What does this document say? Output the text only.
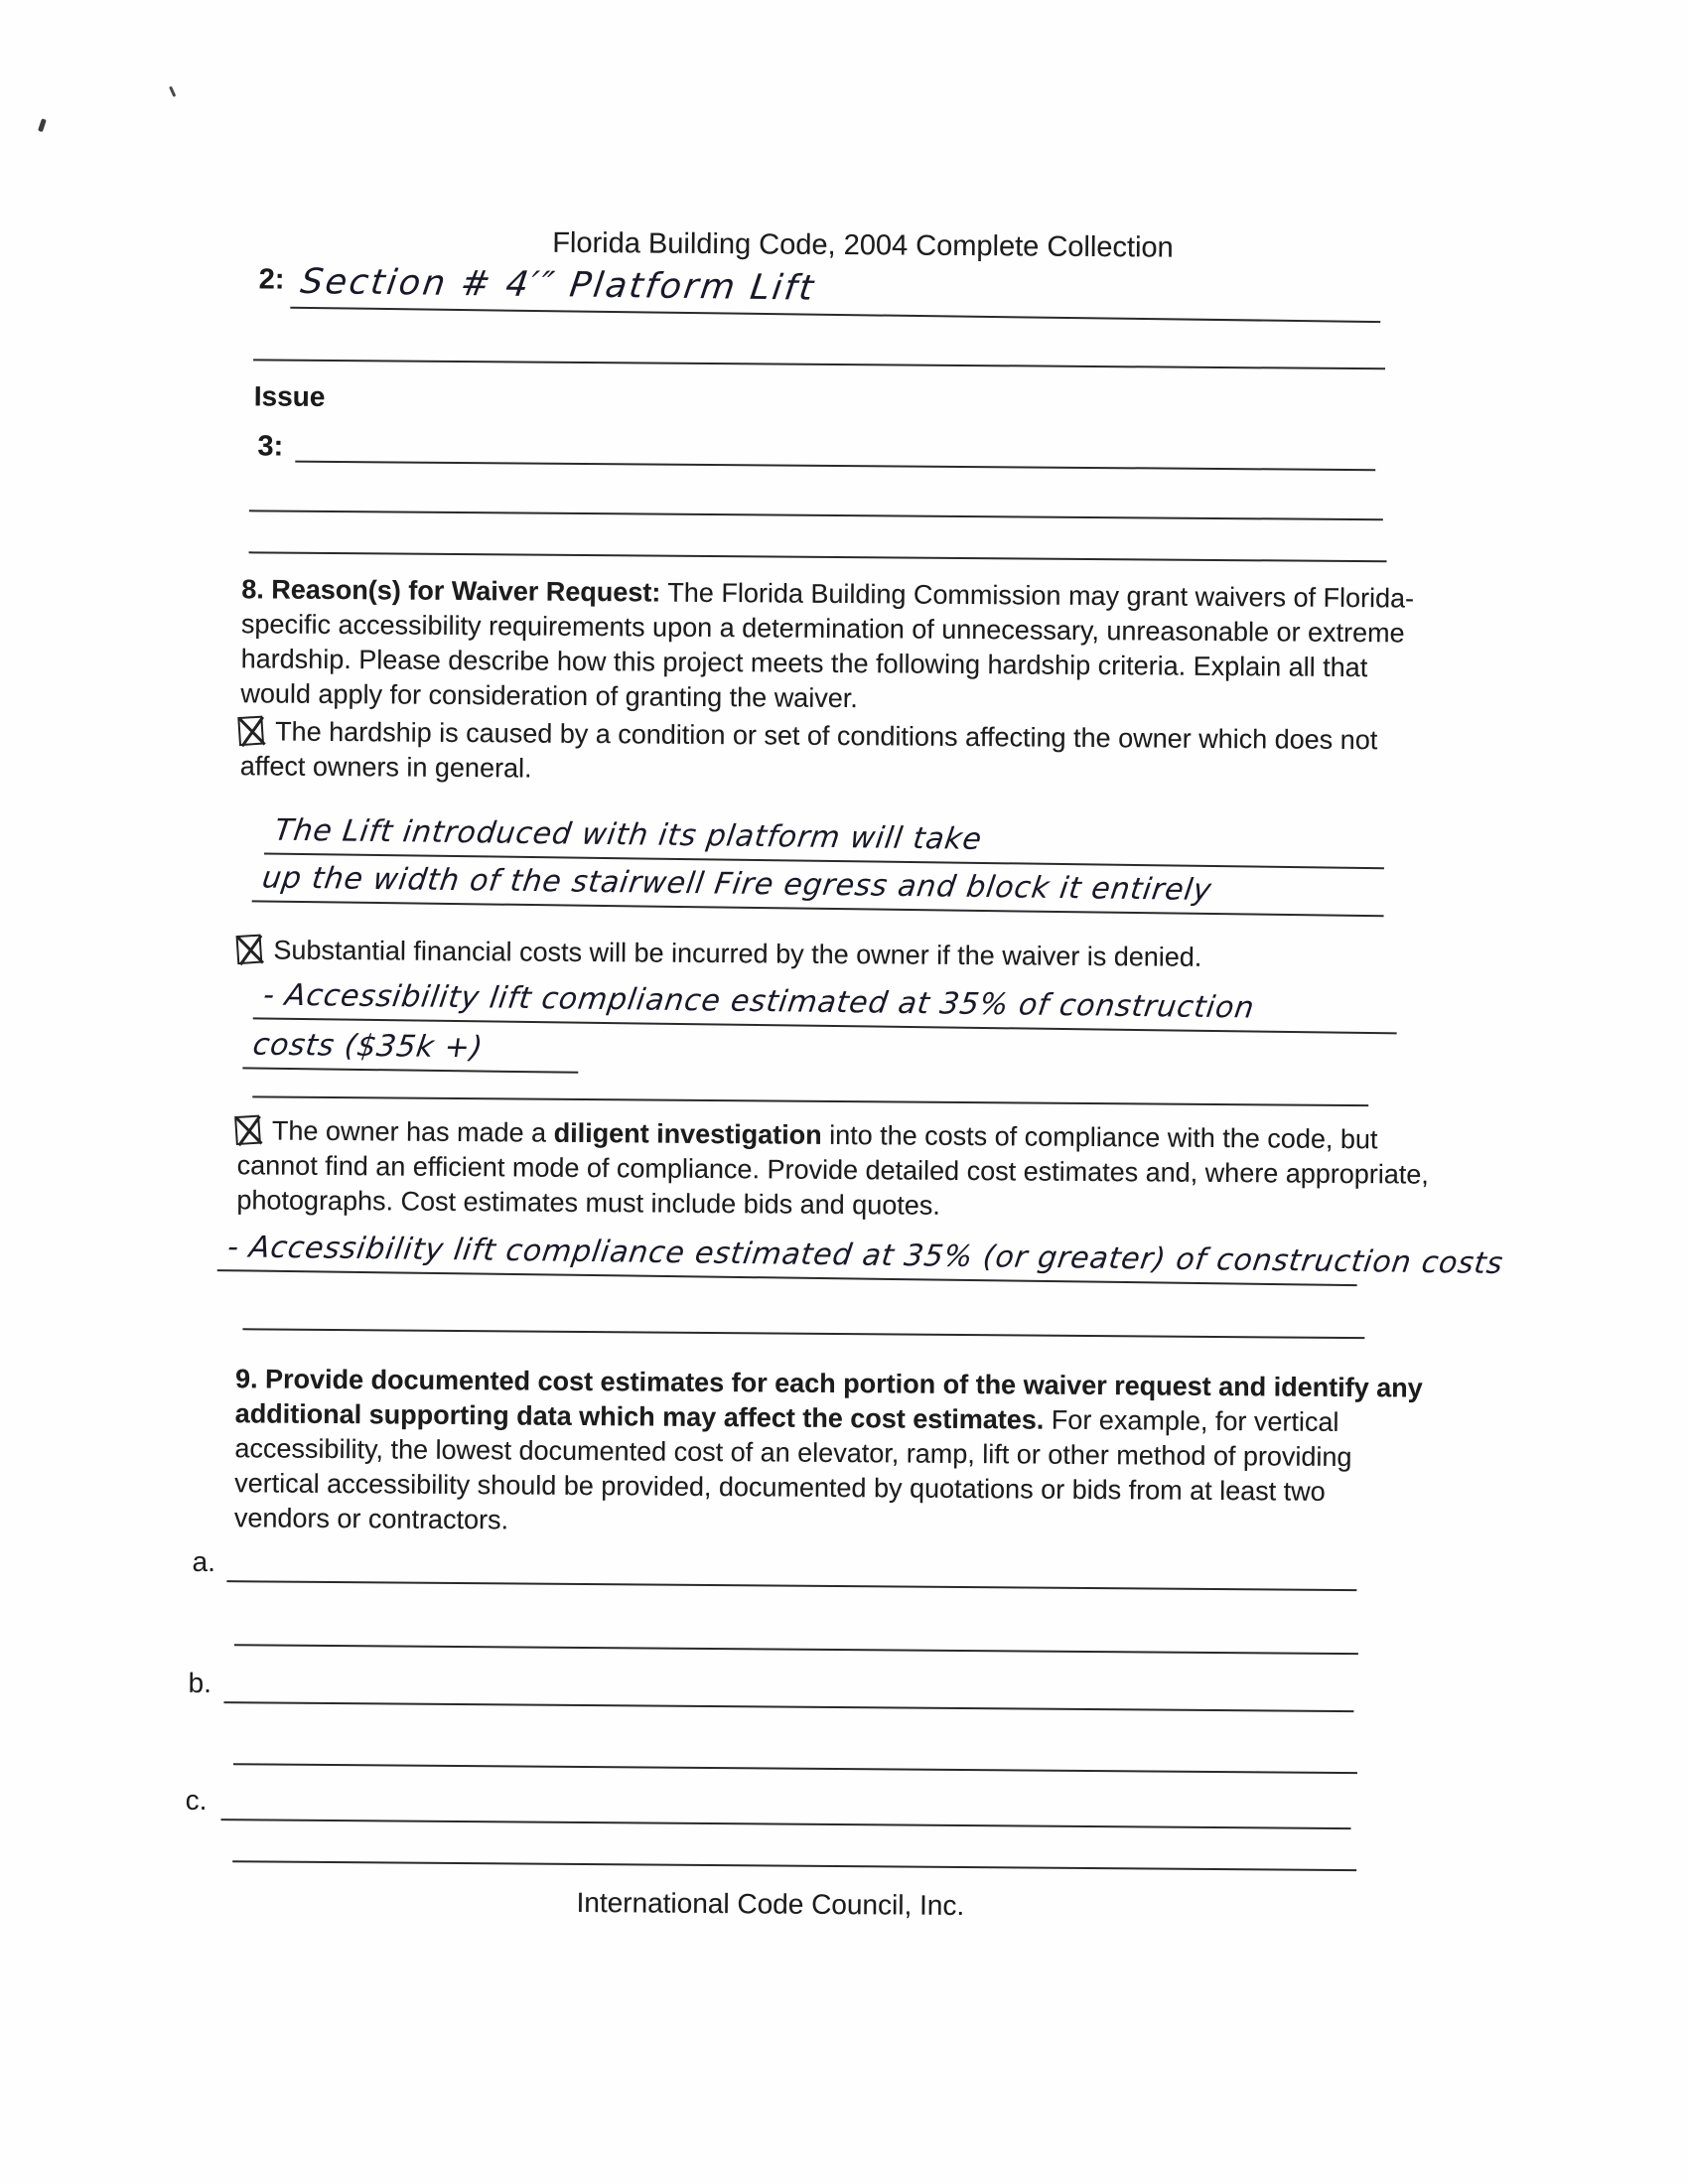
Florida Building Code, 2004 Complete Collection
2: Section # 4′″ Platform Lift
Issue
3:

8. Reason(s) for Waiver Request: The Florida Building Commission may grant waivers of Florida-specific accessibility requirements upon a determination of unnecessary, unreasonable or extreme hardship. Please describe how this project meets the following hardship criteria. Explain all that would apply for consideration of granting the waiver.

The hardship is caused by a condition or set of conditions affecting the owner which does not affect owners in general.

The Lift introduced with its platform will take
up the width of the stairwell Fire egress and block it entirely

Substantial financial costs will be incurred by the owner if the waiver is denied.

- Accessibility lift compliance estimated at 35% of construction
costs ($35k +)

The owner has made a diligent investigation into the costs of compliance with the code, but cannot find an efficient mode of compliance. Provide detailed cost estimates and, where appropriate, photographs. Cost estimates must include bids and quotes.

- Accessibility lift compliance estimated at 35% (or greater) of construction costs

9. Provide documented cost estimates for each portion of the waiver request and identify any additional supporting data which may affect the cost estimates. For example, for vertical accessibility, the lowest documented cost of an elevator, ramp, lift or other method of providing vertical accessibility should be provided, documented by quotations or bids from at least two vendors or contractors.

a.
b.
c.
International Code Council, Inc.
